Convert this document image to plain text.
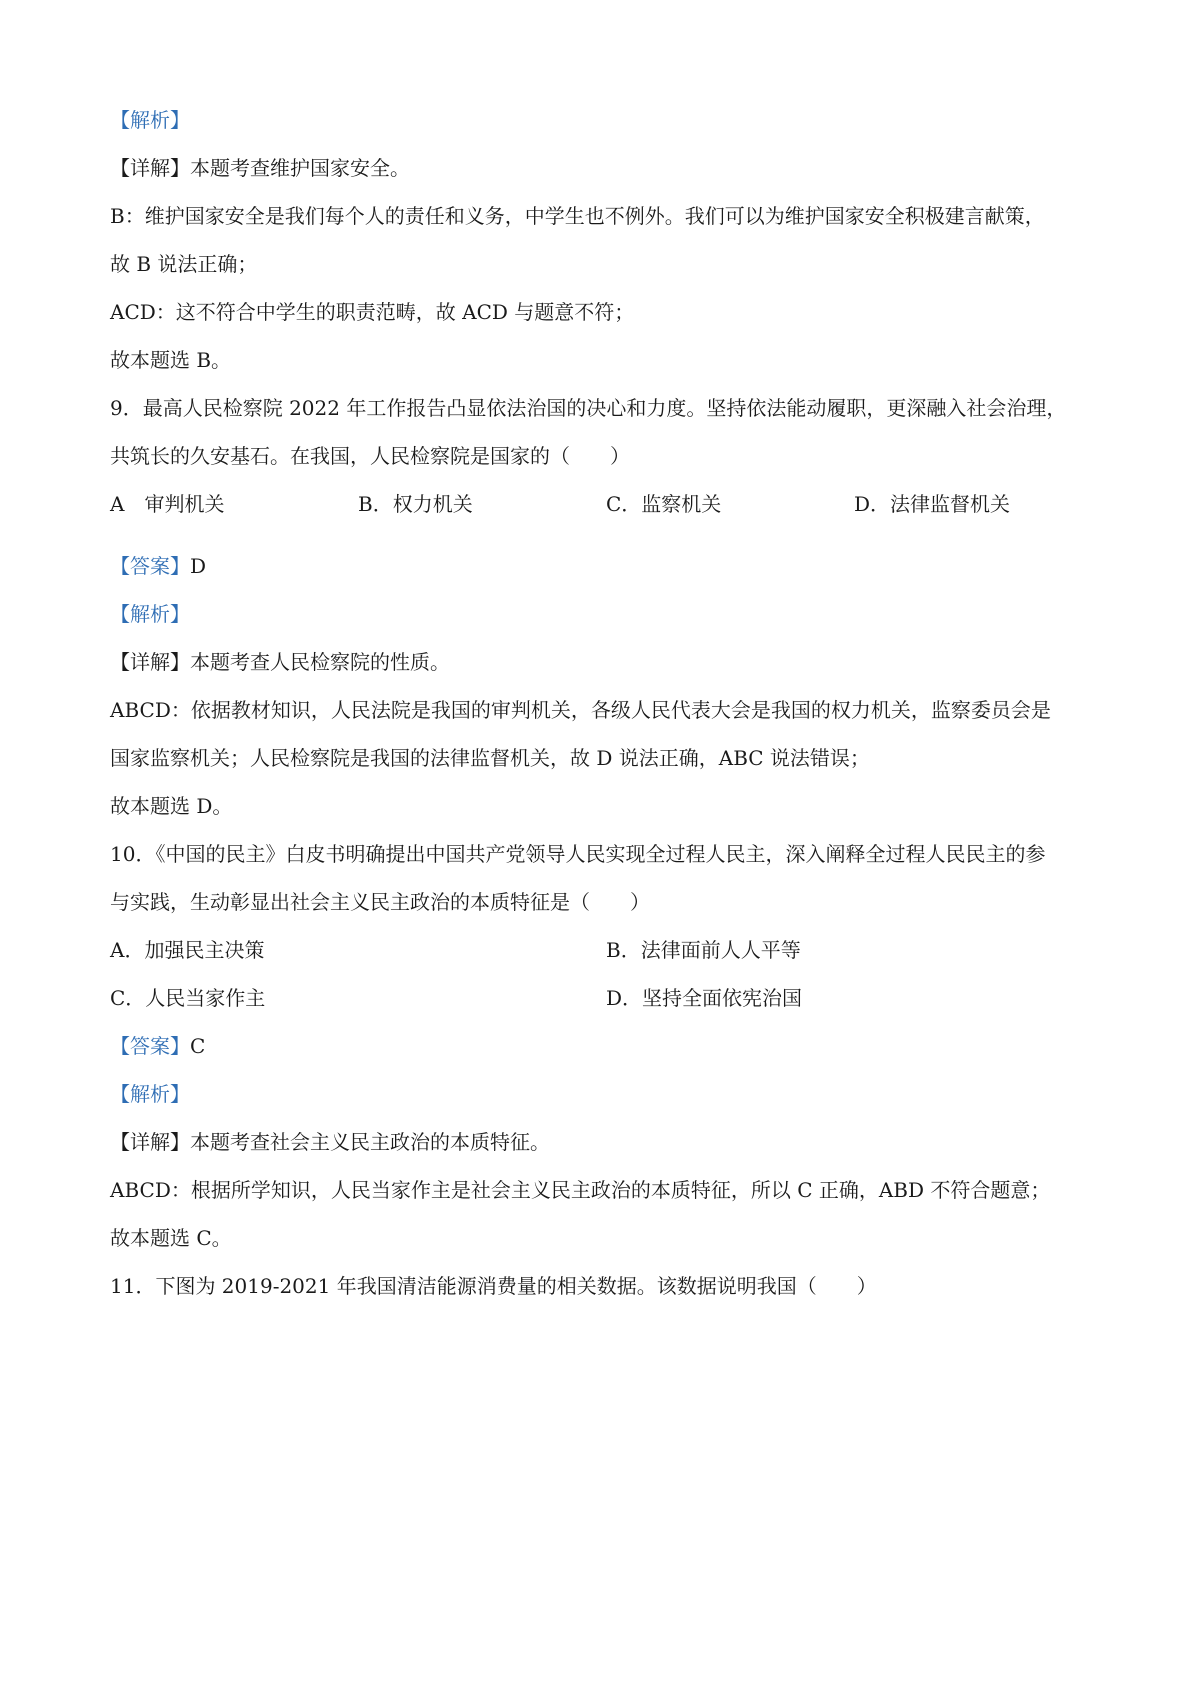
【解析】
【详解】本题考查维护国家安全。
B：维护国家安全是我们每个人的责任和义务，中学生也不例外。我们可以为维护国家安全积极建言献策，
故 B 说法正确；
ACD：这不符合中学生的职责范畴，故 ACD 与题意不符；
故本题选 B。
9．最高人民检察院 2022 年工作报告凸显依法治国的决心和力度。坚持依法能动履职，更深融入社会治理，
共筑长的久安基石。在我国，人民检察院是国家的（　　）
A　审判机关	B．权力机关	C．监察机关	D．法律监督机关
【答案】D
【解析】
【详解】本题考查人民检察院的性质。
ABCD：依据教材知识，人民法院是我国的审判机关，各级人民代表大会是我国的权力机关，监察委员会是
国家监察机关；人民检察院是我国的法律监督机关，故 D 说法正确，ABC 说法错误；
故本题选 D。
10．《中国的民主》白皮书明确提出中国共产党领导人民实现全过程人民主，深入阐释全过程人民民主的参
与实践，生动彰显出社会主义民主政治的本质特征是（　　）
A．加强民主决策	B．法律面前人人平等
C．人民当家作主	D．坚持全面依宪治国
【答案】C
【解析】
【详解】本题考查社会主义民主政治的本质特征。
ABCD：根据所学知识，人民当家作主是社会主义民主政治的本质特征，所以 C 正确，ABD 不符合题意；
故本题选 C。
11．下图为 2019-2021 年我国清洁能源消费量的相关数据。该数据说明我国（　　）
